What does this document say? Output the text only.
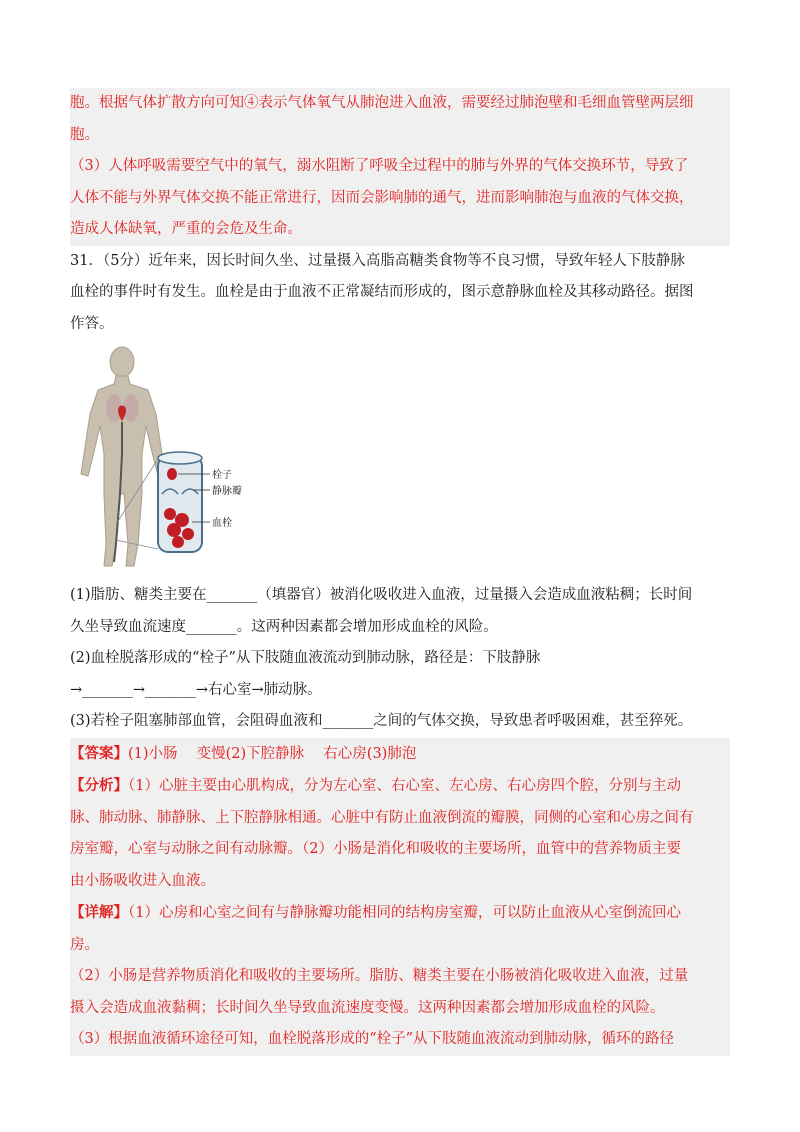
胞。根据气体扩散方向可知④表示气体氧气从肺泡进入血液，需要经过肺泡壁和毛细血管壁两层细

胞。

（3）人体呼吸需要空气中的氧气，溺水阻断了呼吸全过程中的肺与外界的气体交换环节，导致了

人体不能与外界气体交换不能正常进行，因而会影响肺的通气，进而影响肺泡与血液的气体交换，

造成人体缺氧，严重的会危及生命。

31．（5分）近年来，因长时间久坐、过量摄入高脂高糖类食物等不良习惯，导致年轻人下肢静脉

血栓的事件时有发生。血栓是由于血液不正常凝结而形成的，图示意静脉血栓及其移动路径。据图

作答。

栓子
静脉瓣
血栓

(1)脂肪、糖类主要在_______（填器官）被消化吸收进入血液，过量摄入会造成血液粘稠；长时间

久坐导致血流速度_______。这两种因素都会增加形成血栓的风险。

(2)血栓脱落形成的“栓子”从下肢随血液流动到肺动脉，路径是：下肢静脉

→_______→_______→右心室→肺动脉。

(3)若栓子阻塞肺部血管，会阻碍血液和_______之间的气体交换，导致患者呼吸困难，甚至猝死。

【答案】(1)小肠　 变慢(2)下腔静脉　 右心房(3)肺泡

【分析】（1）心脏主要由心肌构成，分为左心室、右心室、左心房、右心房四个腔，分别与主动

脉、肺动脉、肺静脉、上下腔静脉相通。心脏中有防止血液倒流的瓣膜，同侧的心室和心房之间有

房室瓣，心室与动脉之间有动脉瓣。（2）小肠是消化和吸收的主要场所，血管中的营养物质主要

由小肠吸收进入血液。

【详解】（1）心房和心室之间有与静脉瓣功能相同的结构房室瓣，可以防止血液从心室倒流回心

房。

（2）小肠是营养物质消化和吸收的主要场所。脂肪、糖类主要在小肠被消化吸收进入血液，过量

摄入会造成血液黏稠；长时间久坐导致血流速度变慢。这两种因素都会增加形成血栓的风险。

（3）根据血液循环途径可知，血栓脱落形成的“栓子”从下肢随血液流动到肺动脉，循环的路径
